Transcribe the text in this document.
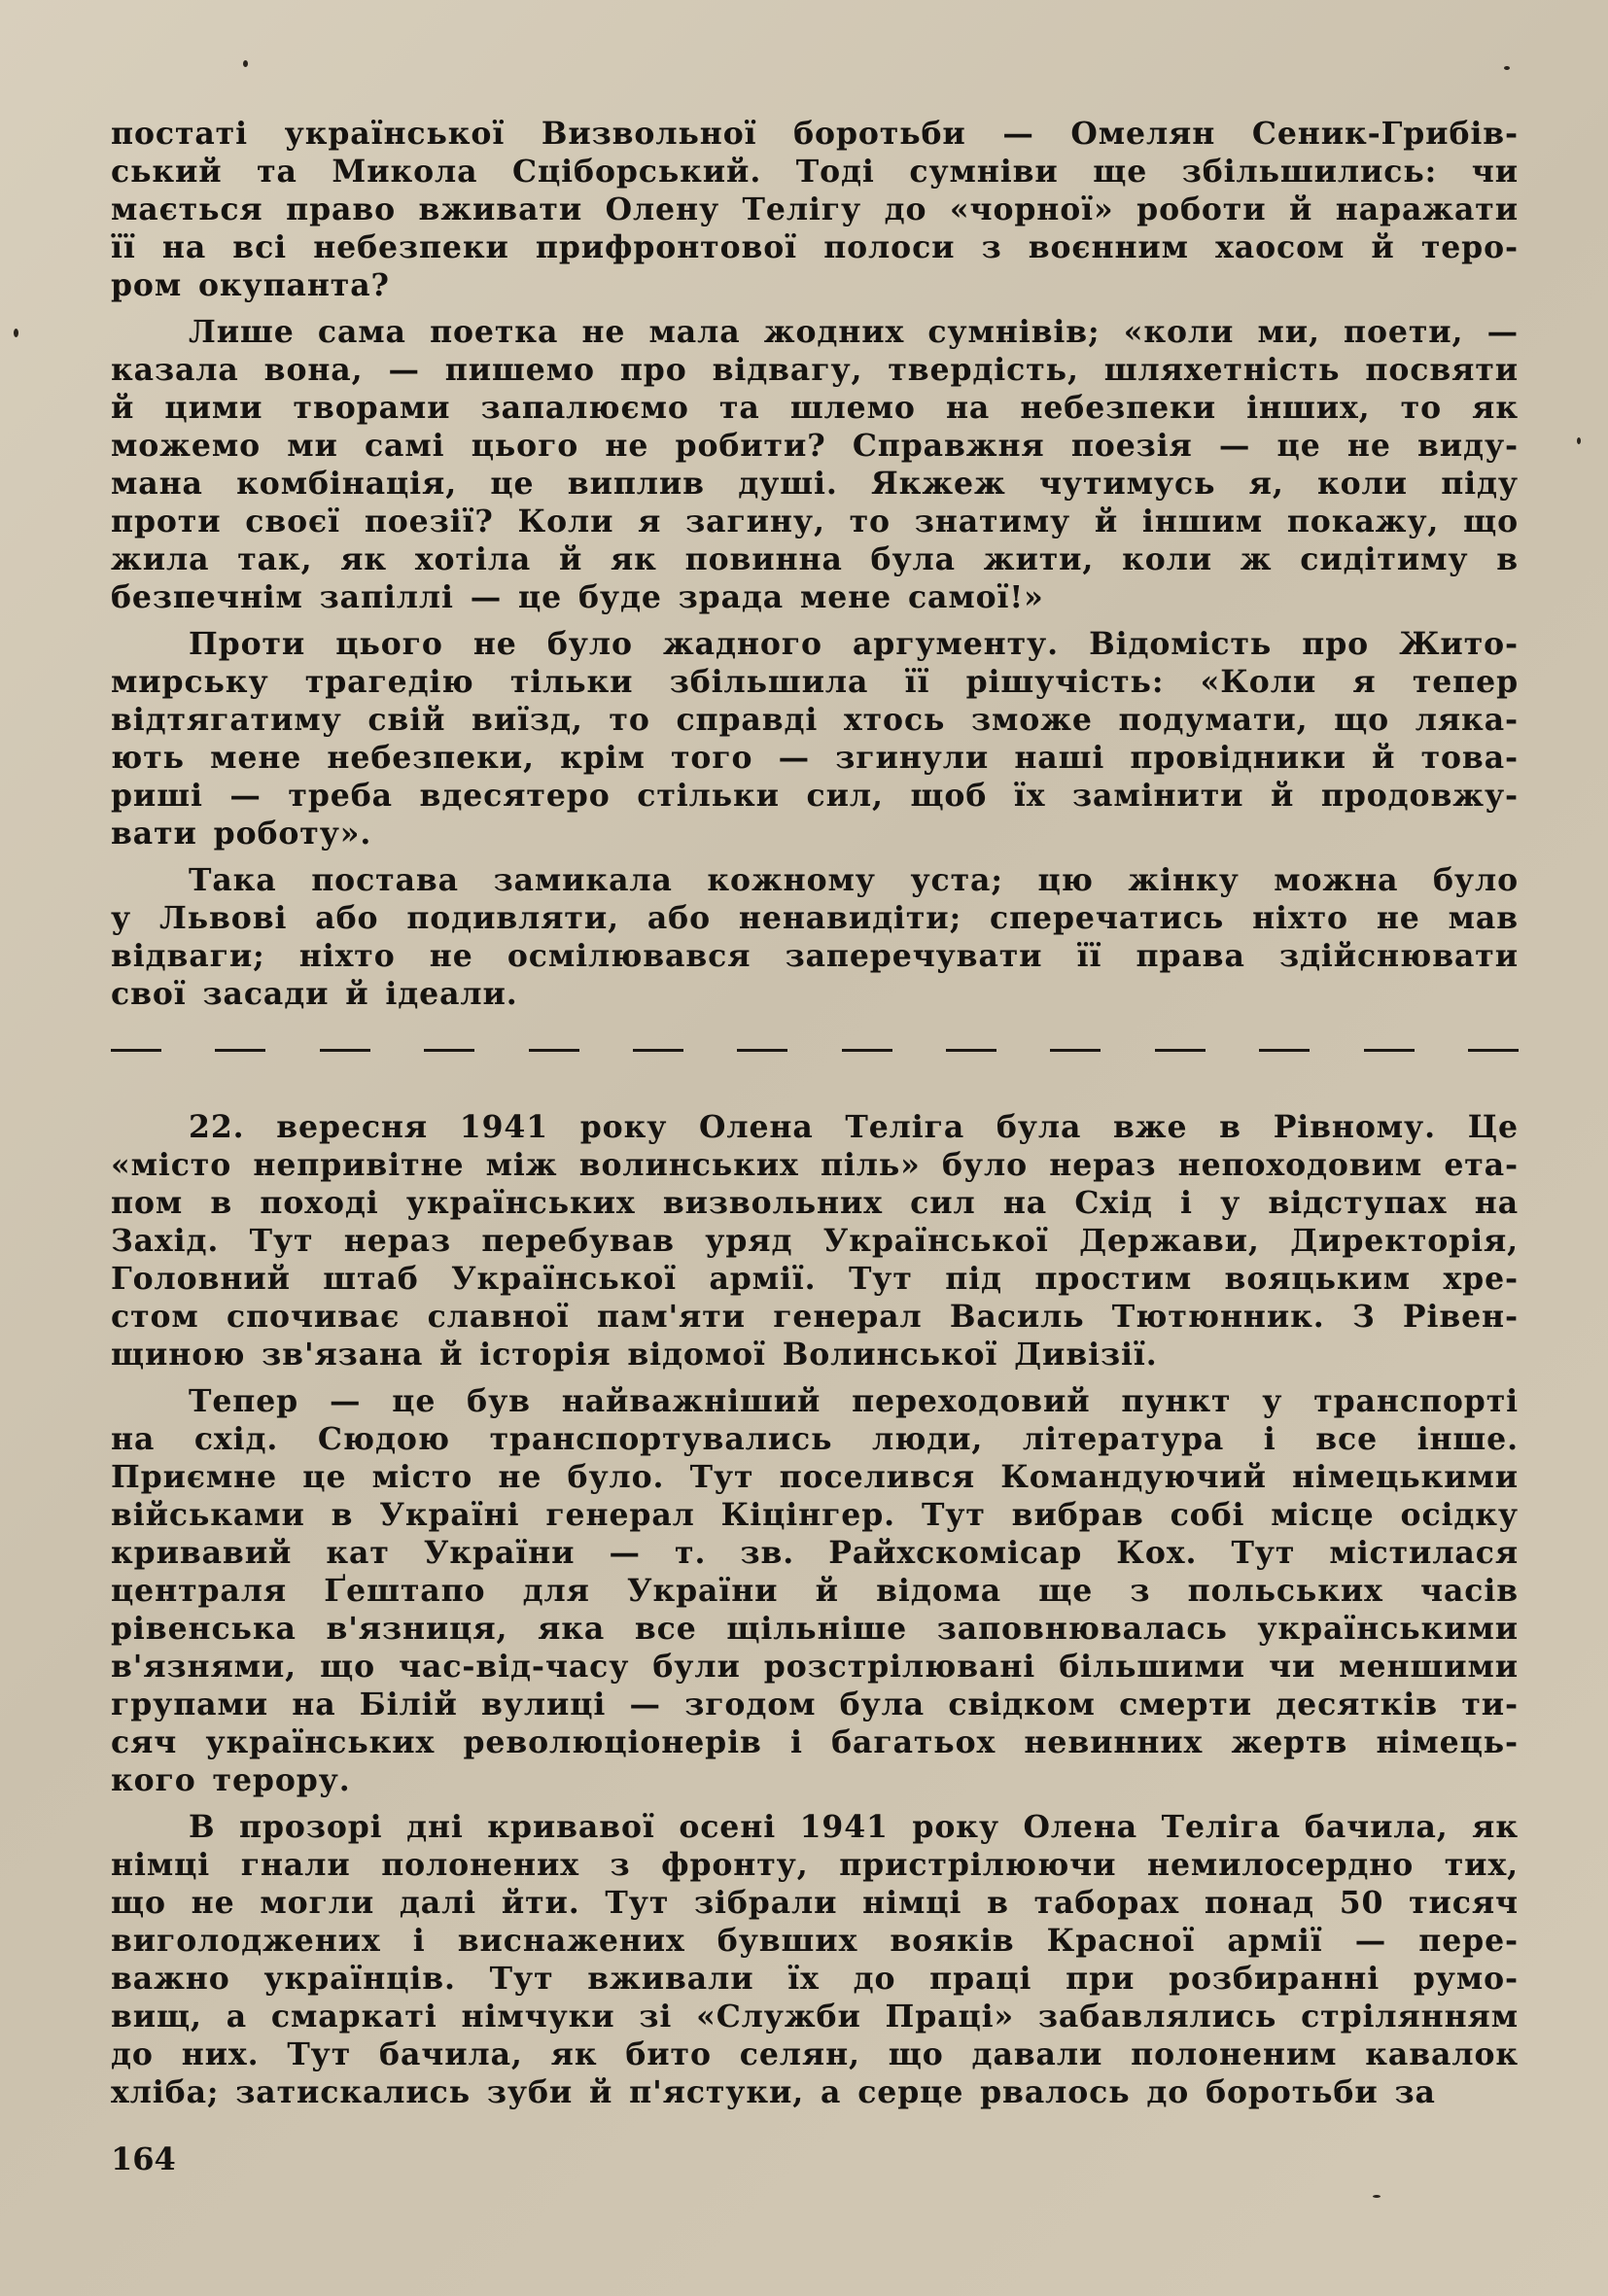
постаті української Визвольної боротьби — Омелян Сеник-Грибів-
ський та Микола Сціборський. Тоді сумніви ще збільшились: чи
мається право вживати Олену Телігу до «чорної» роботи й наражати
її на всі небезпеки прифронтової полоси з воєнним хаосом й теро-
ром окупанта?

Лише сама поетка не мала жодних сумнівів; «коли ми, поети, —
казала вона, — пишемо про відвагу, твердість, шляхетність посвяти
й цими творами запалюємо та шлемо на небезпеки інших, то як
можемо ми самі цього не робити? Справжня поезія — це не виду-
мана комбінація, це виплив душі. Якжеж чутимусь я, коли піду
проти своєї поезії? Коли я загину, то знатиму й іншим покажу, що
жила так, як хотіла й як повинна була жити, коли ж сидітиму в
безпечнім запіллі — це буде зрада мене самої!»

Проти цього не було жадного аргументу. Відомість про Жито-
мирську трагедію тільки збільшила її рішучість: «Коли я тепер
відтягатиму свій виїзд, то справді хтось зможе подумати, що ляка-
ють мене небезпеки, крім того — згинули наші провідники й това-
риші — треба вдесятеро стільки сил, щоб їх замінити й продовжу-
вати роботу».

Така постава замикала кожному уста; цю жінку можна було
у Львові або подивляти, або ненавидіти; сперечатись ніхто не мав
відваги; ніхто не осмілювався заперечувати її права здійснювати
свої засади й ідеали.

22. вересня 1941 року Олена Теліга була вже в Рівному. Це
«місто непривітне між волинських піль» було нераз непоходовим ета-
пом в поході українських визвольних сил на Схід і у відступах на
Захід. Тут нераз перебував уряд Української Держави, Директорія,
Головний штаб Української армії. Тут під простим вояцьким хре-
стом спочиває славної пам'яти генерал Василь Тютюнник. З Рівен-
щиною зв'язана й історія відомої Волинської Дивізії.

Тепер — це був найважніший переходовий пункт у транспорті
на схід. Сюдою транспортувались люди, література і все інше.
Приємне це місто не було. Тут поселився Командуючий німецькими
військами в Україні генерал Кіцінгер. Тут вибрав собі місце осідку
кривавий кат України — т. зв. Райхскомісар Кох. Тут містилася
централя Ґештапо для України й відома ще з польських часів
рівенська в'язниця, яка все щільніше заповнювалась українськими
в'язнями, що час-від-часу були розстрілювані більшими чи меншими
групами на Білій вулиці — згодом була свідком смерти десятків ти-
сяч українських революціонерів і багатьох невинних жертв німець-
кого терору.

В прозорі дні кривавої осені 1941 року Олена Теліга бачила, як
німці гнали полонених з фронту, пристрілюючи немилосердно тих,
що не могли далі йти. Тут зібрали німці в таборах понад 50 тисяч
виголоджених і виснажених бувших вояків Красної армії — пере-
важно українців. Тут вживали їх до праці при розбиранні румо-
вищ, а смаркаті німчуки зі «Служби Праці» забавлялись стрілянням
до них. Тут бачила, як бито селян, що давали полоненим кавалок
хліба; затискались зуби й п'ястуки, а серце рвалось до боротьби за

164
